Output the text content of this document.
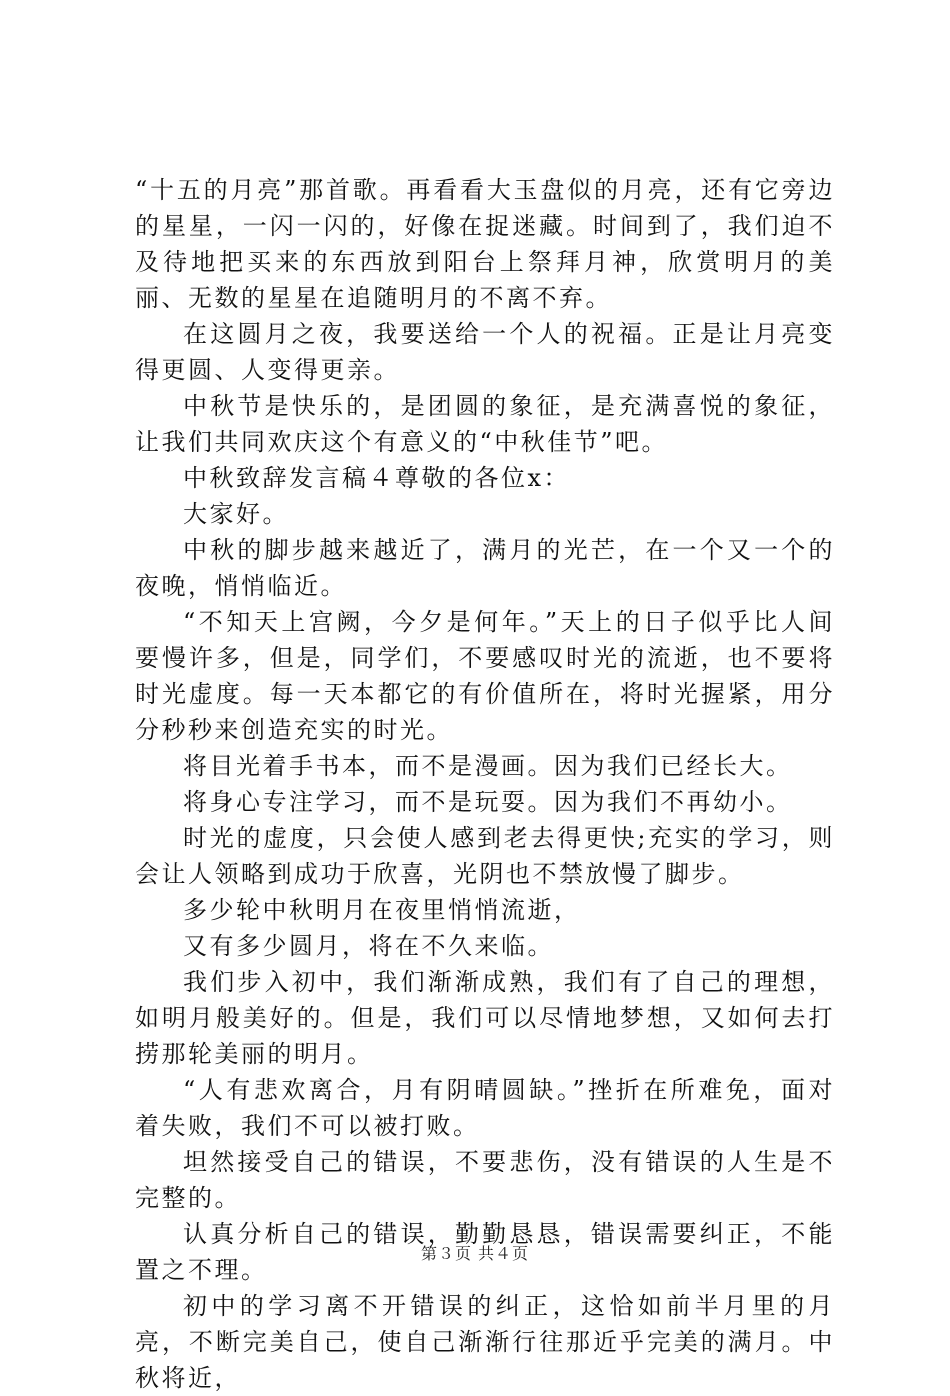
“十五的月亮”那首歌。再看看大玉盘似的月亮，还有它旁边的星星，一闪一闪的，好像在捉迷藏。时间到了，我们迫不及待地把买来的东西放到阳台上祭拜月神，欣赏明月的美丽、无数的星星在追随明月的不离不弃。

在这圆月之夜，我要送给一个人的祝福。正是让月亮变得更圆、人变得更亲。

中秋节是快乐的，是团圆的象征，是充满喜悦的象征，让我们共同欢庆这个有意义的“中秋佳节”吧。

中秋致辞发言稿４尊敬的各位x：

大家好。

中秋的脚步越来越近了，满月的光芒，在一个又一个的夜晚，悄悄临近。

“不知天上宫阙，今夕是何年。”天上的日子似乎比人间要慢许多，但是，同学们，不要感叹时光的流逝，也不要将时光虚度。每一天本都它的有价值所在，将时光握紧，用分分秒秒来创造充实的时光。

将目光着手书本，而不是漫画。因为我们已经长大。

将身心专注学习，而不是玩耍。因为我们不再幼小。

时光的虚度，只会使人感到老去得更快;充实的学习，则会让人领略到成功于欣喜，光阴也不禁放慢了脚步。

多少轮中秋明月在夜里悄悄流逝，

又有多少圆月，将在不久来临。

我们步入初中，我们渐渐成熟，我们有了自己的理想，如明月般美好的。但是，我们可以尽情地梦想，又如何去打捞那轮美丽的明月。

“人有悲欢离合，月有阴晴圆缺。”挫折在所难免，面对着失败，我们不可以被打败。

坦然接受自己的错误，不要悲伤，没有错误的人生是不完整的。

认真分析自己的错误，勤勤恳恳，错误需要纠正，不能置之不理。

初中的学习离不开错误的纠正，这恰如前半月里的月亮，不断完美自己，使自己渐渐行往那近乎完美的满月。中秋将近，

第３页 共４页
